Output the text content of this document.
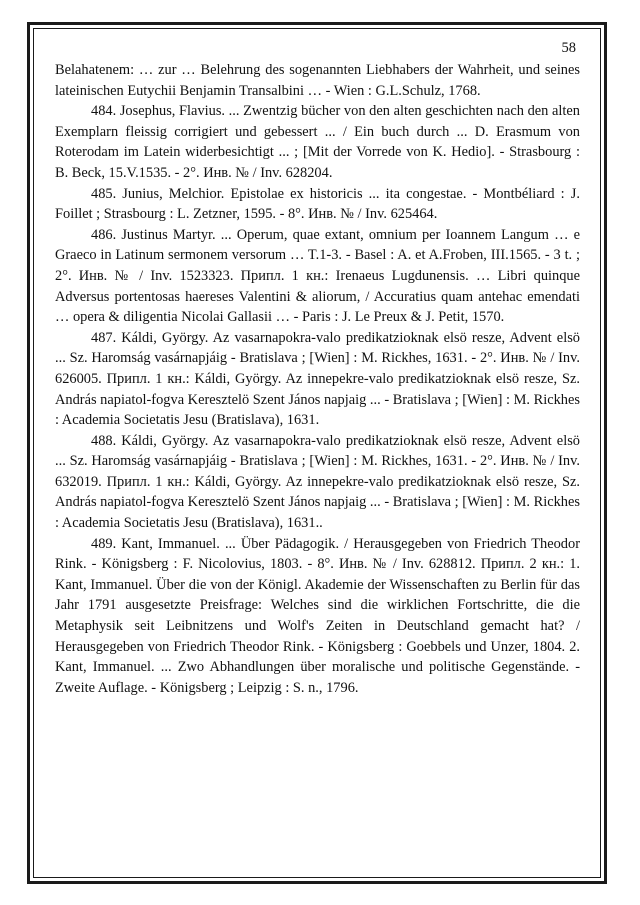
58

Belahatenem: … zur … Belehrung des sogenannten Liebhabers der Wahrheit, und seines lateinischen Eutychii Benjamin Transalbini … - Wien : G.L.Schulz, 1768.

484. Josephus, Flavius. ... Zwentzig bücher von den alten geschichten nach den alten Exemplarn fleissig corrigiert und gebessert ... / Ein buch durch ... D. Erasmum von Roterodam im Latein widerbesichtigt ... ; [Mit der Vorrede von K. Hedio]. - Strasbourg : B. Beck, 15.V.1535. - 2°. Инв. № / Inv. 628204.

485. Junius, Melchior. Epistolae ex historicis ... ita congestae. - Montbéliard : J. Foillet ; Strasbourg : L. Zetzner, 1595. - 8°. Инв. № / Inv. 625464.

486. Justinus Martyr. ... Operum, quae extant, omnium per Ioannem Langum … e Graeco in Latinum sermonem versorum … T.1-3. - Basel : A. et A.Froben, III.1565. - 3 t. ; 2°. Инв. № / Inv. 1523323. Припл. 1 кн.: Irenaeus Lugdunensis. … Libri quinque Adversus portentosas haereses Valentini & aliorum, / Accuratius quam antehac emendati … opera & diligentia Nicolai Gallasii … - Paris : J. Le Preux & J. Petit, 1570.

487. Káldi, György. Az vasarnapokra-valo predikatzioknak elsö resze, Advent elsö ... Sz. Haromság vasárnapjáig - Bratislava ; [Wien] : M. Rickhes, 1631. - 2°. Инв. № / Inv. 626005. Припл. 1 кн.: Káldi, György. Az innepekre-valo predikatzioknak elsö resze, Sz. András napiatol-fogva Keresztelö Szent János napjaig ... - Bratislava ; [Wien] : M. Rickhes : Academia Societatis Jesu (Bratislava), 1631.

488. Káldi, György. Az vasarnapokra-valo predikatzioknak elsö resze, Advent elsö ... Sz. Haromság vasárnapjáig - Bratislava ; [Wien] : M. Rickhes, 1631. - 2°. Инв. № / Inv. 632019. Припл. 1 кн.: Káldi, György. Az innepekre-valo predikatzioknak elsö resze, Sz. András napiatol-fogva Keresztelö Szent János napjaig ... - Bratislava ; [Wien] : M. Rickhes : Academia Societatis Jesu (Bratislava), 1631..

489. Kant, Immanuel. ... Über Pädagogik. / Herausgegeben von Friedrich Theodor Rink. - Königsberg : F. Nicolovius, 1803. - 8°. Инв. № / Inv. 628812. Припл. 2 кн.: 1. Kant, Immanuel. Über die von der Königl. Akademie der Wissenschaften zu Berlin für das Jahr 1791 ausgesetzte Preisfrage: Welches sind die wirklichen Fortschritte, die die Metaphysik seit Leibnitzens und Wolf's Zeiten in Deutschland gemacht hat? / Herausgegeben von Friedrich Theodor Rink. - Königsberg : Goebbels und Unzer, 1804. 2. Kant, Immanuel. ... Zwo Abhandlungen über moralische und politische Gegenstände. - Zweite Auflage. - Königsberg ; Leipzig : S. n., 1796.
